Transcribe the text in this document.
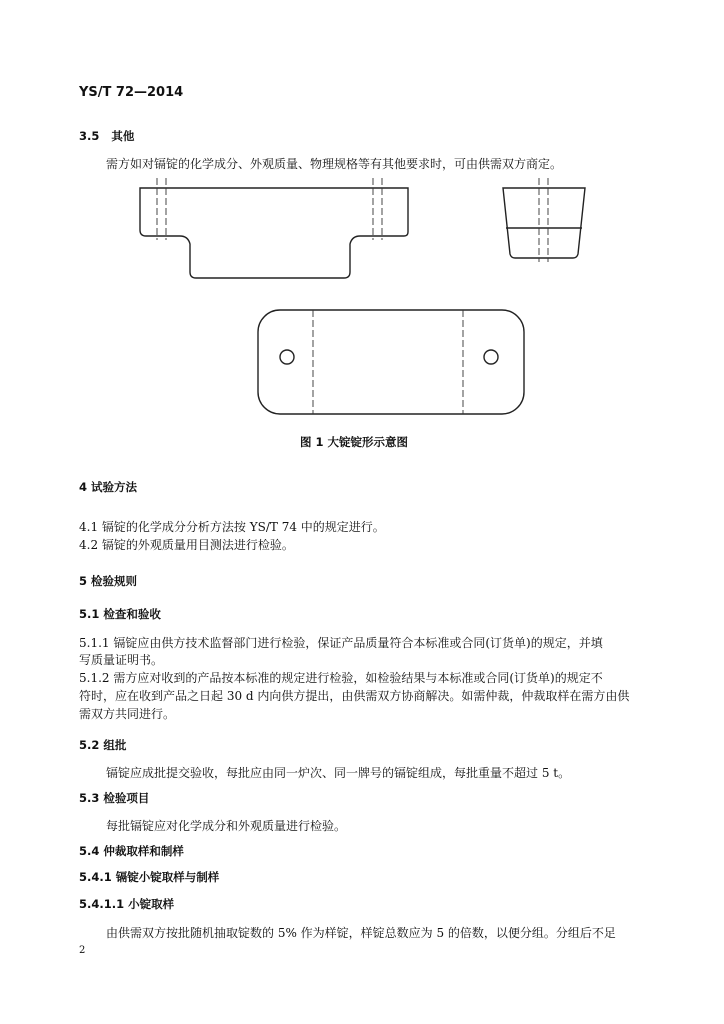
YS/T 72—2014
3.5 其他
需方如对镉锭的化学成分、外观质量、物理规格等有其他要求时，可由供需双方商定。
图 1 大锭锭形示意图
4 试验方法
4.1 镉锭的化学成分分析方法按 YS/T 74 中的规定进行。
4.2 镉锭的外观质量用目测法进行检验。
5 检验规则
5.1 检查和验收
5.1.1 镉锭应由供方技术监督部门进行检验，保证产品质量符合本标准或合同(订货单)的规定，并填
写质量证明书。
5.1.2 需方应对收到的产品按本标准的规定进行检验，如检验结果与本标准或合同(订货单)的规定不
符时，应在收到产品之日起 30 d 内向供方提出，由供需双方协商解决。如需仲裁，仲裁取样在需方由供
需双方共同进行。
5.2 组批
镉锭应成批提交验收，每批应由同一炉次、同一牌号的镉锭组成，每批重量不超过 5 t。
5.3 检验项目
每批镉锭应对化学成分和外观质量进行检验。
5.4 仲裁取样和制样
5.4.1 镉锭小锭取样与制样
5.4.1.1 小锭取样
由供需双方按批随机抽取锭数的 5% 作为样锭，样锭总数应为 5 的倍数，以便分组。分组后不足
2
